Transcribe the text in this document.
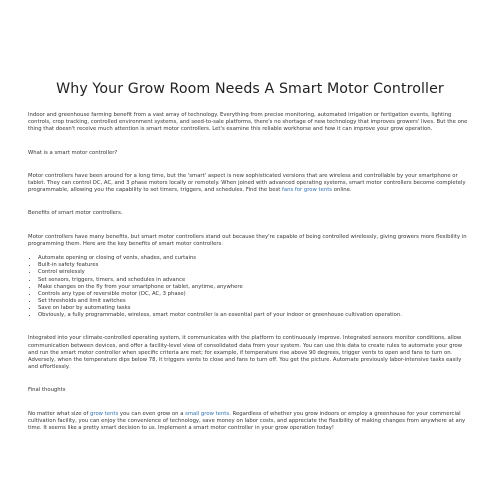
Why Your Grow Room Needs A Smart Motor Controller

Indoor and greenhouse farming benefit from a vast array of technology. Everything from precise monitoring, automated irrigation or fertigation events, lighting controls, crop tracking, controlled environment systems, and seed-to-sale platforms, there's no shortage of new technology that improves growers' lives. But the one thing that doesn't receive much attention is smart motor controllers. Let's examine this reliable workhorse and how it can improve your grow operation.

What is a smart motor controller?

Motor controllers have been around for a long time, but the 'smart' aspect is new sophisticated versions that are wireless and controllable by your smartphone or tablet. They can control DC, AC, and 3 phase motors locally or remotely. When joined with advanced operating systems, smart motor controllers become completely programmable, allowing you the capability to set timers, triggers, and schedules. Find the best fans for grow tents online.

Benefits of smart motor controllers.

Motor controllers have many benefits, but smart motor controllers stand out because they're capable of being controlled wirelessly, giving growers more flexibility in programming them. Here are the key benefits of smart motor controllers.

• Automate opening or closing of vents, shades, and curtains
• Built-in safety features
• Control wirelessly
• Set sensors, triggers, timers, and schedules in advance
• Make changes on the fly from your smartphone or tablet, anytime, anywhere
• Controls any type of reversible motor (DC, AC, 3 phase)
• Set thresholds and limit switches
• Save on labor by automating tasks
• Obviously, a fully programmable, wireless, smart motor controller is an essential part of your indoor or greenhouse cultivation operation.

Integrated into your climate-controlled operating system, it communicates with the platform to continuously improve. Integrated sensors monitor conditions, allow communication between devices, and offer a facility-level view of consolidated data from your system. You can use this data to create rules to automate your grow and run the smart motor controller when specific criteria are met; for example, if temperature rise above 90 degrees, trigger vents to open and fans to turn on. Adversely, when the temperature dips below 78, it triggers vents to close and fans to turn off. You get the picture. Automate previously labor-intensive tasks easily and effortlessly.

Final thoughts

No matter what size of grow tents you can even grow on a small grow tents. Regardless of whether you grow indoors or employ a greenhouse for your commercial cultivation facility, you can enjoy the convenience of technology, save money on labor costs, and appreciate the flexibility of making changes from anywhere at any time. It seems like a pretty smart decision to us. Implement a smart motor controller in your grow operation today!
